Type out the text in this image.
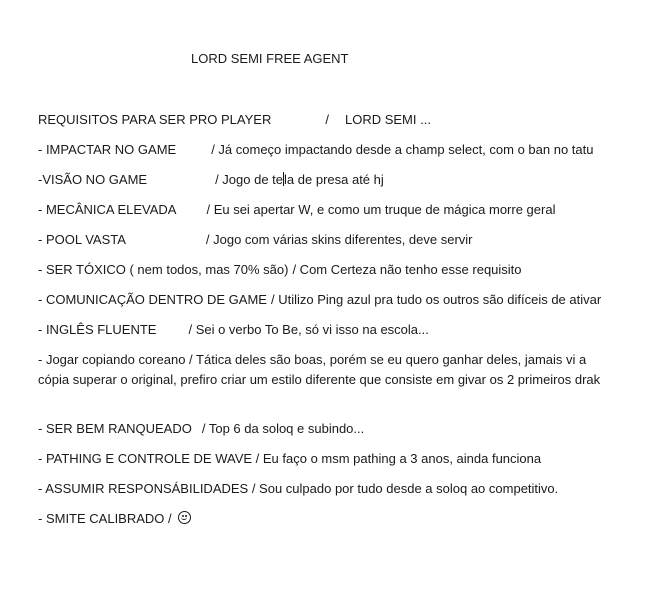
LORD SEMI FREE AGENT
REQUISITOS PARA SER PRO PLAYER	/ LORD SEMI ...
- IMPACTAR NO GAME	/ Já começo impactando desde a champ select, com o ban no tatu
-VISÃO NO GAME	/ Jogo de tela de presa até hj
- MECÂNICA ELEVADA / Eu sei apertar W, e como um truque de mágica morre geral
- POOL VASTA	/ Jogo com várias skins diferentes, deve servir
- SER TÓXICO ( nem todos, mas 70% são) / Com Certeza não tenho esse requisito
- COMUNICAÇÃO DENTRO DE GAME / Utilizo Ping azul pra tudo os outros são difíceis de ativar
- INGLÊS FLUENTE / Sei o verbo To Be, só vi isso na escola...
- Jogar copiando coreano / Tática deles são boas, porém se eu quero ganhar deles, jamais vi a cópia superar o original, prefiro criar um estilo diferente que consiste em givar os 2 primeiros drak
- SER BEM RANQUEADO / Top 6 da soloq e subindo...
- PATHING E CONTROLE DE WAVE / Eu faço o msm pathing a 3 anos, ainda funciona
- ASSUMIR RESPONSÁBILIDADES / Sou culpado por tudo desde a soloq ao competitivo.
- SMITE CALIBRADO /
